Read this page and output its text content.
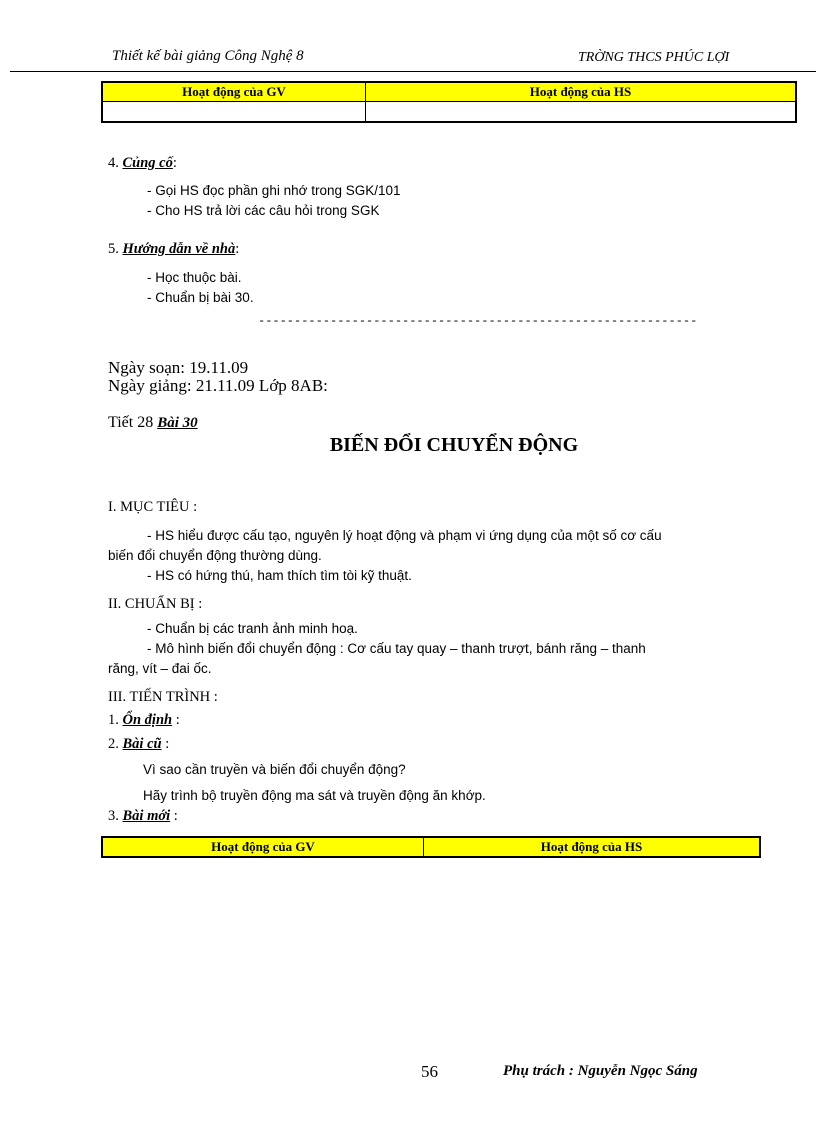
Thiết kế bài giảng Công Nghệ 8	TRỜNG THCS PHÚC LỢI
Hoạt động của GV	Hoạt động của HS

4. Củng cố:
- Gọi HS đọc phần ghi nhớ trong SGK/101
- Cho HS trả lời các câu hỏi trong SGK
5. Hướng dẫn về nhà:
- Học thuộc bài.
- Chuẩn bị bài 30.
-------------------------------------------------------------
Ngày soạn: 19.11.09
Ngày giảng: 21.11.09 Lớp 8AB:
Tiết 28 Bài 30
BIẾN ĐỔI CHUYỂN ĐỘNG
I. MỤC TIÊU :
- HS hiểu được cấu tạo, nguyên lý hoạt động và phạm vi ứng dụng của một số cơ cấu
biến đổi chuyển động thường dùng.
- HS có hứng thú, ham thích tìm tòi kỹ thuật.
II. CHUẨN BỊ :
- Chuẩn bị các tranh ảnh minh hoạ.
- Mô hình biến đổi chuyển động : Cơ cấu tay quay – thanh trượt, bánh răng – thanh
răng, vít – đai ốc.
III. TIẾN TRÌNH :
1. Ổn định :
2. Bài cũ :
Vì sao cần truyền và biến đổi chuyển động?
Hãy trình bộ truyền động ma sát và truyền động ăn khớp.
3. Bài mới :
Hoạt động của GV	Hoạt động của HS
56	Phụ trách : Nguyễn Ngọc Sáng
